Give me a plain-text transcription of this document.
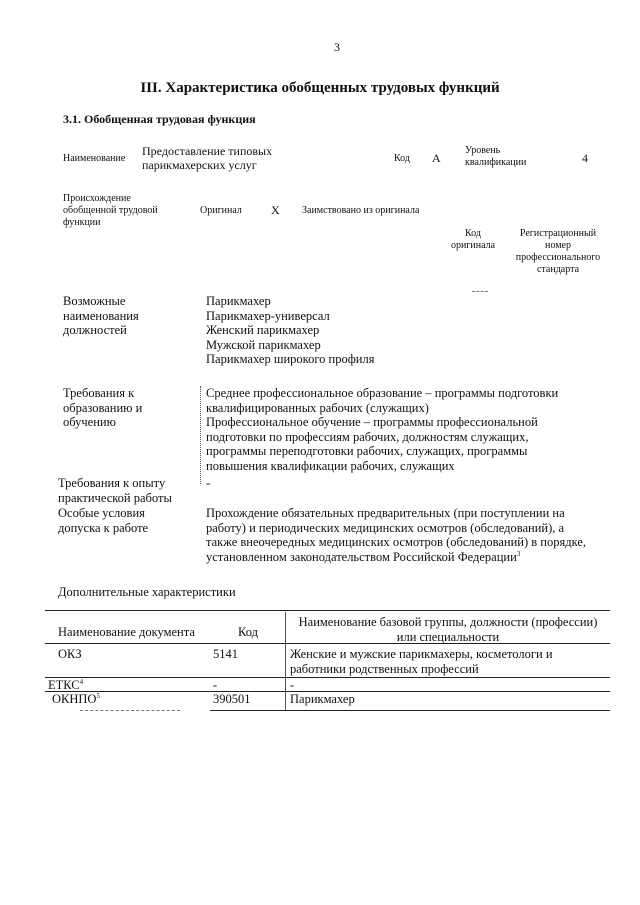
3
III. Характеристика обобщенных трудовых функций
3.1. Обобщенная трудовая функция
Наименование
Предоставление типовых
парикмахерских услуг	Код А
Уровень
квалификации	4
Происхождение
обобщенной трудовой
функции
Оригинал Х Заимствовано из оригинала
Код
оригинала
Регистрационный
номер
профессионального
стандарта
Возможные
наименования
должностей
Парикмахер
Парикмахер-универсал
Женский парикмахер
Мужской парикмахер
Парикмахер широкого профиля
Требования к
образованию и
обучению
Среднее профессиональное образование – программы подготовки
квалифицированных рабочих (служащих)
Профессиональное обучение – программы профессиональной
подготовки по профессиям рабочих, должностям служащих,
программы переподготовки рабочих, служащих, программы
повышения квалификации рабочих, служащих
Требования к опыту
практической работы
-
Особые условия
допуска к работе
Прохождение обязательных предварительных (при поступлении на
работу) и периодических медицинских осмотров (обследований), а
также внеочередных медицинских осмотров (обследований) в порядке,
установленном законодательством Российской Федерации$^3$
Дополнительные характеристики
Наименование документа	Код
Наименование базовой группы, должности (профессии)
или специальности
ОКЗ	5141	Женские и мужские парикмахеры, косметологи и
работники родственных профессий
ЕТКС$^4$	-	-
ОКНПО$^5$	390501	Парикмахер
